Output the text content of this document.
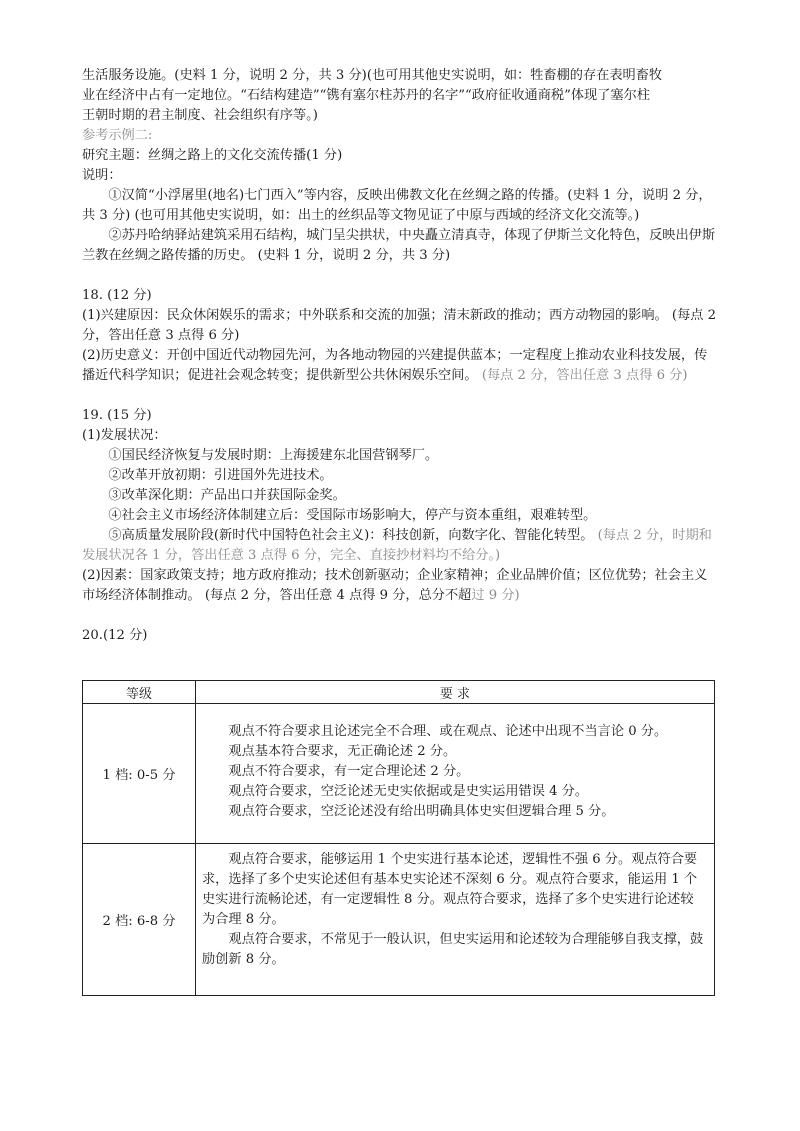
生活服务设施。(史料 1 分，说明 2 分，共 3 分)(也可用其他史实说明，如：牲畜棚的存在表明畜牧
业在经济中占有一定地位。“石结构建造”“镌有塞尔柱苏丹的名字”“政府征收通商税”体现了塞尔柱
王朝时期的君主制度、社会组织有序等。)
参考示例二:
研究主题：丝绸之路上的文化交流传播(1 分)
说明：
①汉简“小浮屠里(地名)七门西入”等内容，反映出佛教文化在丝绸之路的传播。(史料 1 分，说明 2 分，共 3 分) (也可用其他史实说明，如：出土的丝织品等文物见证了中原与西域的经济文化交流等。)
②苏丹哈纳驿站建筑采用石结构，城门呈尖拱状，中央矗立清真寺，体现了伊斯兰文化特色，反映出伊斯兰教在丝绸之路传播的历史。 (史料 1 分，说明 2 分，共 3 分)
18. (12 分)
(1)兴建原因：民众休闲娱乐的需求；中外联系和交流的加强；清末新政的推动；西方动物园的影响。 (每点 2 分，答出任意 3 点得 6 分)
(2)历史意义：开创中国近代动物园先河，为各地动物园的兴建提供蓝本；一定程度上推动农业科技发展，传播近代科学知识；促进社会观念转变；提供新型公共休闲娱乐空间。 (每点 2 分，答出任意 3 点得 6 分)
19. (15 分)
(1)发展状况：
①国民经济恢复与发展时期：上海援建东北国营钢琴厂。
②改革开放初期：引进国外先进技术。
③改革深化期：产品出口并获国际金奖。
④社会主义市场经济体制建立后：受国际市场影响大，停产与资本重组，艰难转型。
⑤高质量发展阶段(新时代中国特色社会主义)：科技创新，向数字化、智能化转型。 (每点 2 分，时期和发展状况各 1 分，答出任意 3 点得 6 分，完全、直接抄材料均不给分。)
(2)因素：国家政策支持；地方政府推动；技术创新驱动；企业家精神；企业品牌价值；区位优势；社会主义市场经济体制推动。 (每点 2 分，答出任意 4 点得 9 分，总分不超过 9 分)
20.(12 分)
等级	要 求
1 档: 0-5 分	观点不符合要求且论述完全不合理、或在观点、论述中出现不当言论 0 分。

观点基本符合要求，无正确论述 2 分。

观点不符合要求，有一定合理论述 2 分。

观点符合要求，空泛论述无史实依据或是史实运用错误 4 分。

观点符合要求，空泛论述没有给出明确具体史实但逻辑合理 5 分。

2 档: 6-8 分	观点符合要求，能够运用 1 个史实进行基本论述，逻辑性不强 6 分。观点符合要求，选择了多个史实论述但有基本史实论述不深刻 6 分。观点符合要求，能运用 1 个史实进行流畅论述，有一定逻辑性 8 分。观点符合要求，选择了多个史实进行论述较为合理 8 分。

观点符合要求，不常见于一般认识，但史实运用和论述较为合理能够自我支撑，鼓励创新 8 分。
